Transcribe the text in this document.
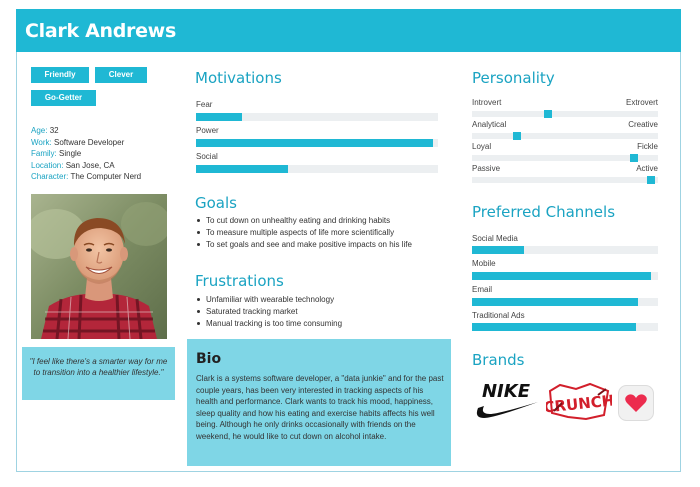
Clark Andrews
Friendly	Clever
Go-Getter
Age: 32
Work: Software Developer
Family: Single
Location: San Jose, CA
Character: The Computer Nerd
"I feel like there's a smarter way for me to transition into a healthier lifestyle."
Motivations
Fear
Power
Social
Goals
To cut down on unhealthy eating and drinking habits
To measure multiple aspects of life more scientifically
To set goals and see and make positive impacts on his life
Frustrations
Unfamiliar with wearable technology
Saturated tracking market
Manual tracking is too time consuming
Bio

Clark is a systems software developer, a "data junkie" and for the past couple years, has been very interested in tracking aspects of his health and performance. Clark wants to track his mood, happiness, sleep quality and how his eating and exercise habits affects his well being. Although he only drinks occasionally with friends on the weekend, he would like to cut down on alcohol intake.

Personality
Introvert	Extrovert
Analytical	Creative
Loyal	Fickle
Passive	Active
Preferred Channels
Social Media
Mobile
Email
Traditional Ads
Brands
NIKE CRUNCH
